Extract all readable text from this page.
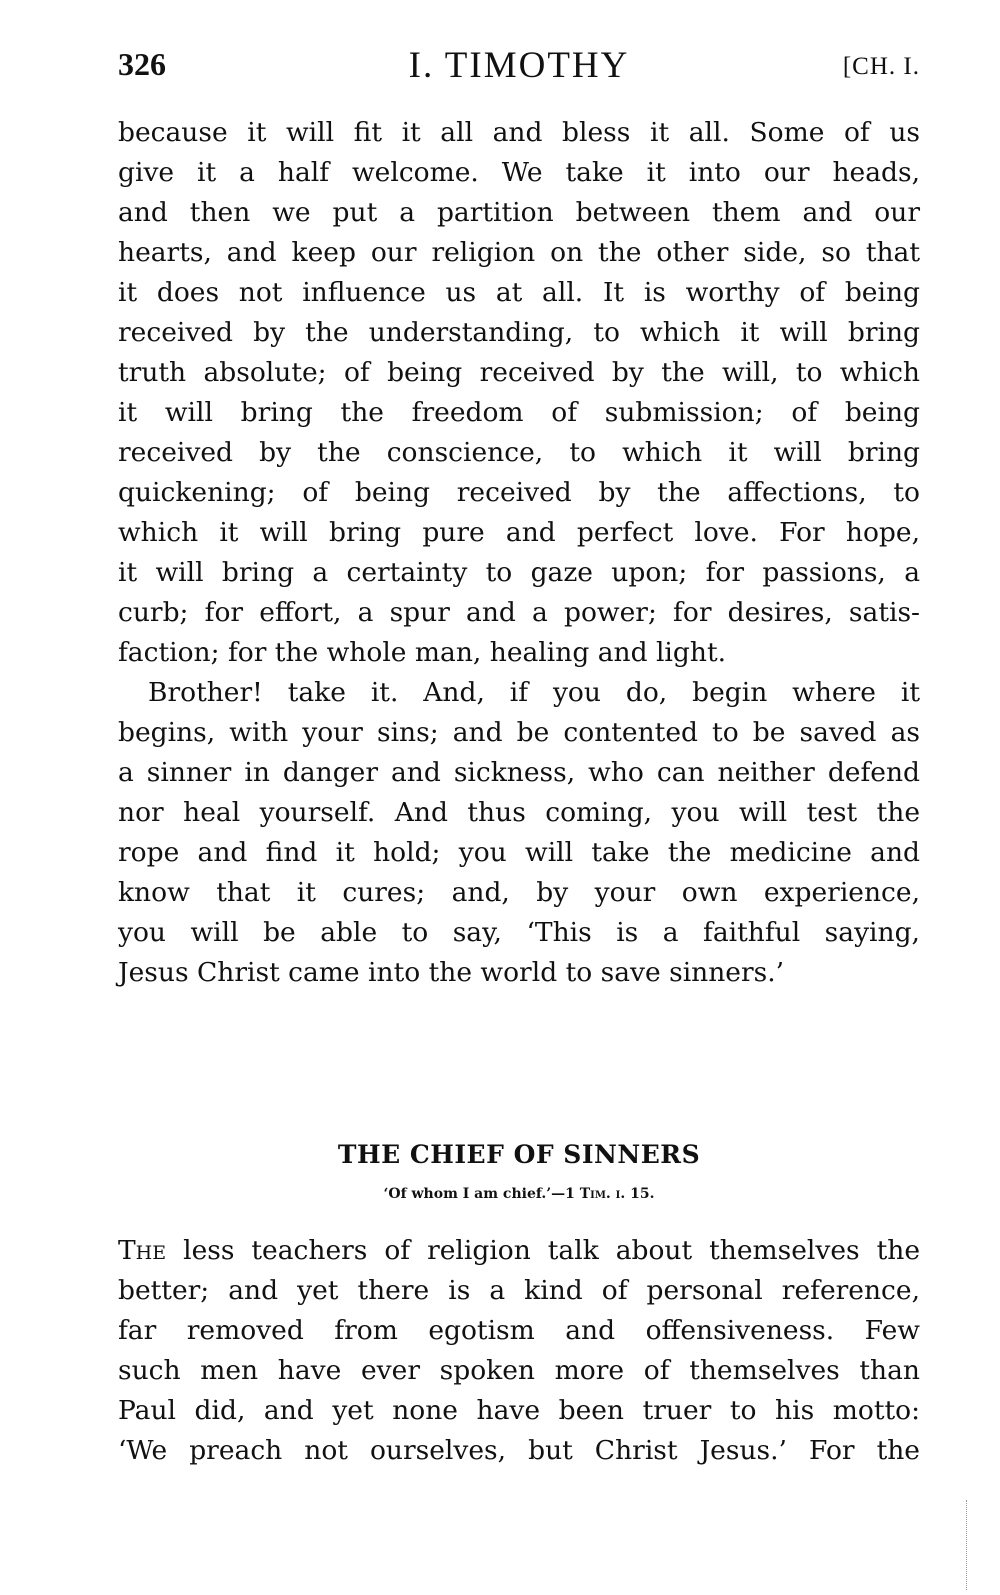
326	I. TIMOTHY	[CH. I.
because it will fit it all and bless it all. Some of us
give it a half welcome. We take it into our heads,
and then we put a partition between them and our
hearts, and keep our religion on the other side, so that
it does not influence us at all. It is worthy of being
received by the understanding, to which it will bring
truth absolute; of being received by the will, to which
it will bring the freedom of submission; of being
received by the conscience, to which it will bring
quickening; of being received by the affections, to
which it will bring pure and perfect love. For hope,
it will bring a certainty to gaze upon; for passions, a
curb; for effort, a spur and a power; for desires, satis-
faction; for the whole man, healing and light.
Brother! take it. And, if you do, begin where it
begins, with your sins; and be contented to be saved as
a sinner in danger and sickness, who can neither defend
nor heal yourself. And thus coming, you will test the
rope and find it hold; you will take the medicine and
know that it cures; and, by your own experience,
you will be able to say, ‘This is a faithful saying,
Jesus Christ came into the world to save sinners.’
THE CHIEF OF SINNERS
‘Of whom I am chief.’—1 Tim. i. 15.
The less teachers of religion talk about themselves the
better; and yet there is a kind of personal reference,
far removed from egotism and offensiveness. Few
such men have ever spoken more of themselves than
Paul did, and yet none have been truer to his motto:
‘We preach not ourselves, but Christ Jesus.’ For the
